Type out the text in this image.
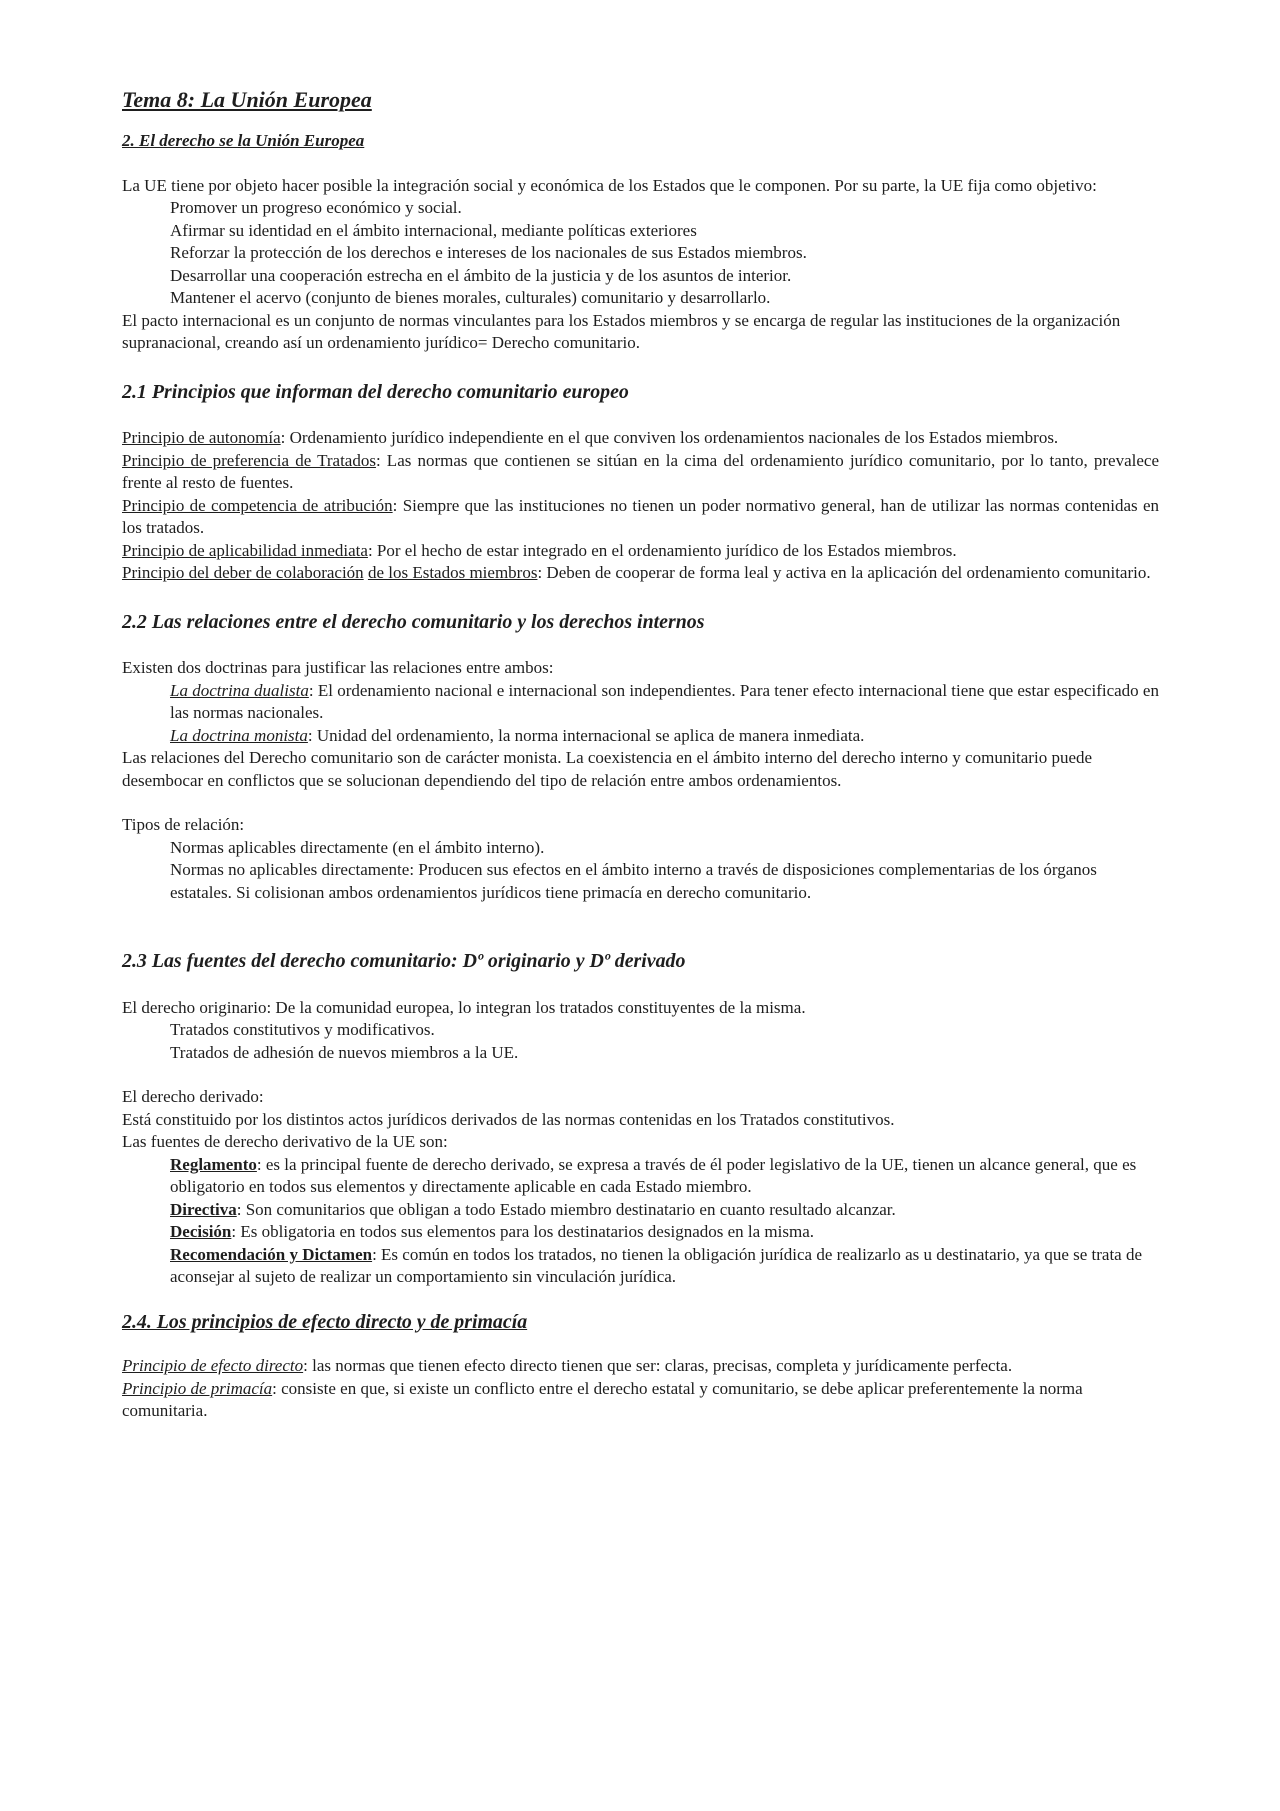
Tema 8: La Unión Europea
2. El derecho se la Unión Europea

La UE tiene por objeto hacer posible la integración social y económica de los Estados que le componen. Por su parte, la UE fija como objetivo:

Promover un progreso económico y social.

Afirmar su identidad en el ámbito internacional, mediante políticas exteriores

Reforzar la protección de los derechos e intereses de los nacionales de sus Estados miembros.

Desarrollar una cooperación estrecha en el ámbito de la justicia y de los asuntos de interior.

Mantener el acervo (conjunto de bienes morales, culturales) comunitario y desarrollarlo.

El pacto internacional es un conjunto de normas vinculantes para los Estados miembros y se encarga de regular las instituciones de la organización supranacional, creando así un ordenamiento jurídico= Derecho comunitario.

2.1 Principios que informan del derecho comunitario europeo

Principio de autonomía: Ordenamiento jurídico independiente en el que conviven los ordenamientos nacionales de los Estados miembros.

Principio de preferencia de Tratados: Las normas que contienen se sitúan en la cima del ordenamiento jurídico comunitario, por lo tanto, prevalece frente al resto de fuentes.

Principio de competencia de atribución: Siempre que las instituciones no tienen un poder normativo general, han de utilizar las normas contenidas en los tratados.

Principio de aplicabilidad inmediata: Por el hecho de estar integrado en el ordenamiento jurídico de los Estados miembros.

Principio del deber de colaboración de los Estados miembros: Deben de cooperar de forma leal y activa en la aplicación del ordenamiento comunitario.

2.2 Las relaciones entre el derecho comunitario y los derechos internos

Existen dos doctrinas para justificar las relaciones entre ambos:

La doctrina dualista: El ordenamiento nacional e internacional son independientes. Para tener efecto internacional tiene que estar especificado en las normas nacionales.

La doctrina monista: Unidad del ordenamiento, la norma internacional se aplica de manera inmediata.

Las relaciones del Derecho comunitario son de carácter monista. La coexistencia en el ámbito interno del derecho interno y comunitario puede desembocar en conflictos que se solucionan dependiendo del tipo de relación entre ambos ordenamientos.

Tipos de relación:

Normas aplicables directamente (en el ámbito interno).

Normas no aplicables directamente: Producen sus efectos en el ámbito interno a través de disposiciones complementarias de los órganos estatales. Si colisionan ambos ordenamientos jurídicos tiene primacía en derecho comunitario.

2.3 Las fuentes del derecho comunitario: Dº originario y Dº derivado

El derecho originario: De la comunidad europea, lo integran los tratados constituyentes de la misma.

Tratados constitutivos y modificativos.

Tratados de adhesión de nuevos miembros a la UE.

El derecho derivado:

Está constituido por los distintos actos jurídicos derivados de las normas contenidas en los Tratados constitutivos.

Las fuentes de derecho derivativo de la UE son:

Reglamento: es la principal fuente de derecho derivado, se expresa a través de él poder legislativo de la UE, tienen un alcance general, que es obligatorio en todos sus elementos y directamente aplicable en cada Estado miembro.

Directiva: Son comunitarios que obligan a todo Estado miembro destinatario en cuanto resultado alcanzar.

Decisión: Es obligatoria en todos sus elementos para los destinatarios designados en la misma.

Recomendación y Dictamen: Es común en todos los tratados, no tienen la obligación jurídica de realizarlo as u destinatario, ya que se trata de aconsejar al sujeto de realizar un comportamiento sin vinculación jurídica.

2.4. Los principios de efecto directo y de primacía

Principio de efecto directo: las normas que tienen efecto directo tienen que ser: claras, precisas, completa y jurídicamente perfecta.

Principio de primacía: consiste en que, si existe un conflicto entre el derecho estatal y comunitario, se debe aplicar preferentemente la norma comunitaria.
